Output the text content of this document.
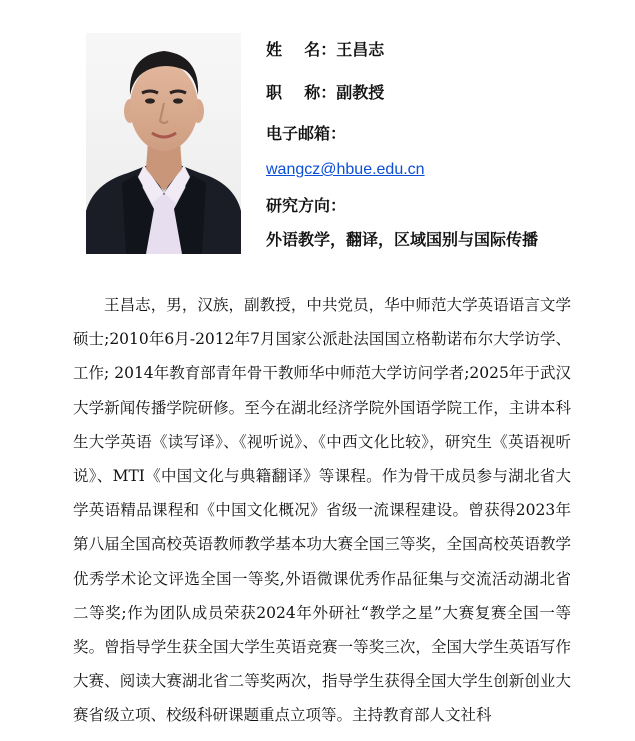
姓    名：王昌志
职    称：副教授
电子邮箱：
wangcz@hbue.edu.cn
研究方向：
外语教学，翻译，区域国别与国际传播

王昌志，男，汉族，副教授，中共党员，华中师范大学英语语言文学硕士;2010年6月-2012年7月国家公派赴法国国立格勒诺布尔大学访学、工作; 2014年教育部青年骨干教师华中师范大学访问学者;2025年于武汉大学新闻传播学院研修。至今在湖北经济学院外国语学院工作，主讲本科生大学英语《读写译》、《视听说》、《中西文化比较》，研究生《英语视听说》、MTI《中国文化与典籍翻译》等课程。作为骨干成员参与湖北省大学英语精品课程和《中国文化概况》省级一流课程建设。曾获得2023年第八届全国高校英语教师教学基本功大赛全国三等奖，全国高校英语教学优秀学术论文评选全国一等奖,外语微课优秀作品征集与交流活动湖北省二等奖;作为团队成员荣获2024年外研社“教学之星”大赛复赛全国一等奖。曾指导学生获全国大学生英语竞赛一等奖三次，全国大学生英语写作大赛、阅读大赛湖北省二等奖两次，指导学生获得全国大学生创新创业大赛省级立项、校级科研课题重点立项等。主持教育部人文社科
